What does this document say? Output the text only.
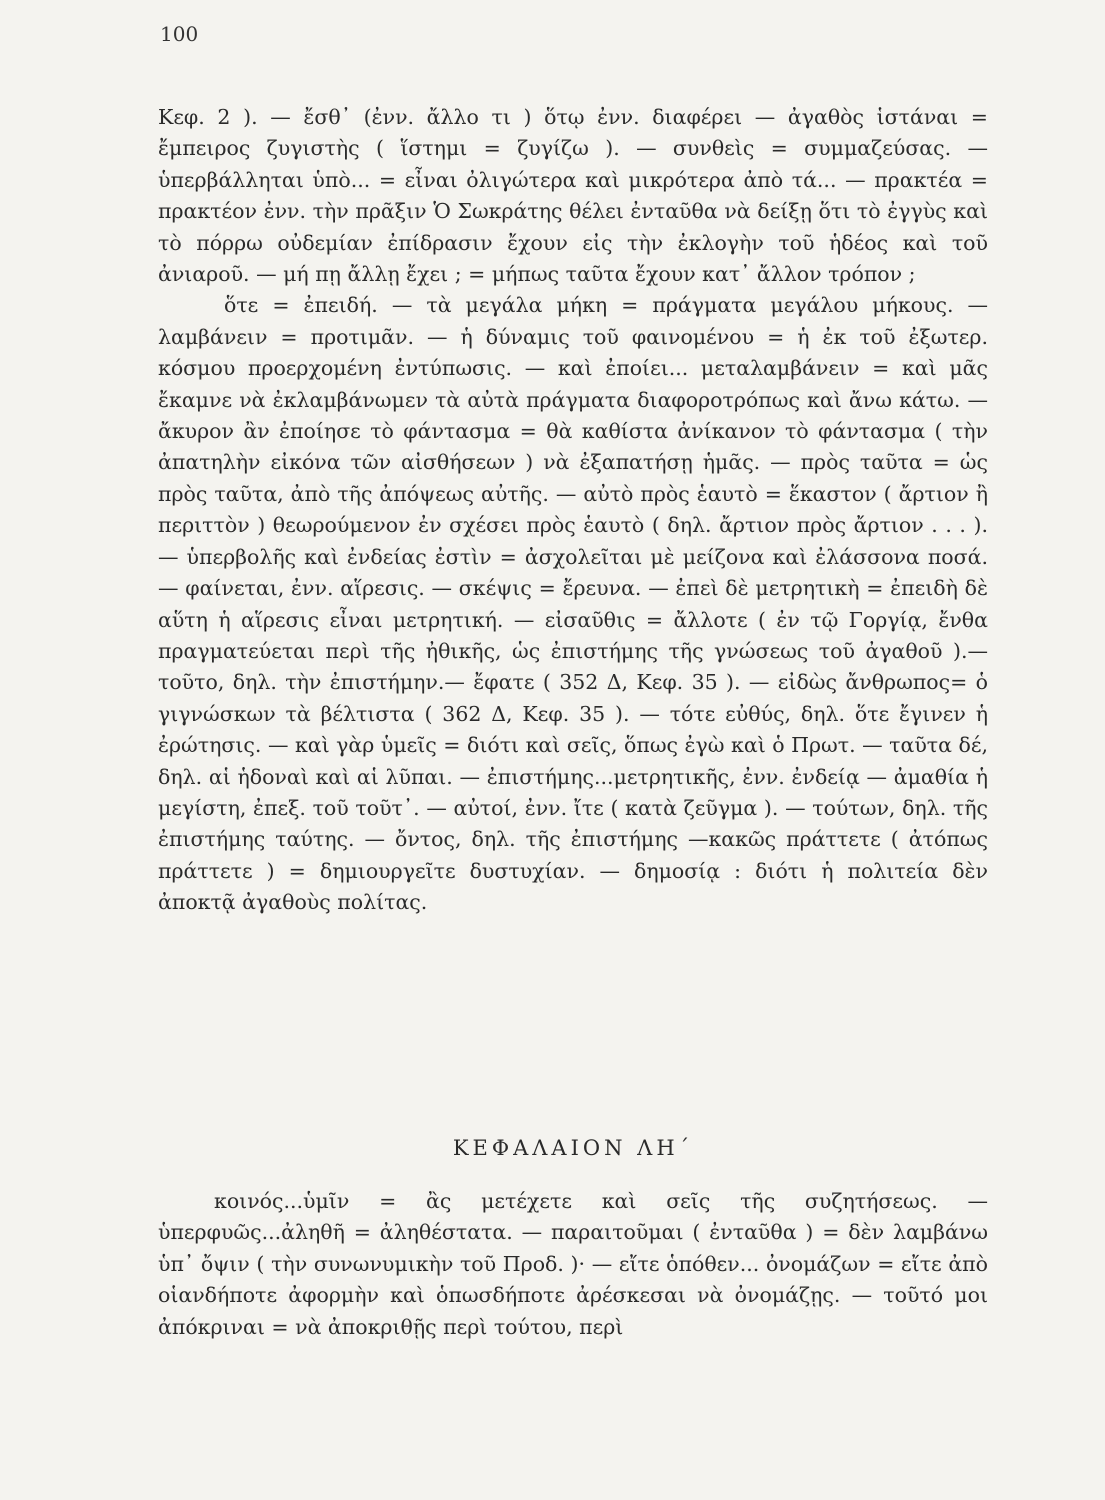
100

Κεφ. 2 ). — ἔσθ᾽ (ἐνν. ἄλλο τι ) ὅτῳ ἐνν. διαφέρει — ἀγαθὸς ἱστάναι = ἔμπειρος ζυγιστὴς ( ἵστημι = ζυγίζω ). — συνθεὶς = συμμαζεύσας. — ὑπερβάλληται ὑπὸ... = εἶναι ὀλιγώτερα καὶ μικρότερα ἀπὸ τά... — πρακτέα = πρακτέον ἐνν. τὴν πρᾶξιν Ὁ Σωκράτης θέλει ἐνταῦθα νὰ δείξῃ ὅτι τὸ ἐγγὺς καὶ τὸ πόρρω οὐδεμίαν ἐπίδρασιν ἔχουν εἰς τὴν ἐκλογὴν τοῦ ἡδέος καὶ τοῦ ἀνιαροῦ. — μή πῃ ἄλλῃ ἔχει ; = μήπως ταῦτα ἔχουν κατ᾽ ἄλλον τρόπον ;

ὅτε = ἐπειδή. — τὰ μεγάλα μήκη = πράγματα μεγάλου μήκους. — λαμβάνειν = προτιμᾶν. — ἡ δύναμις τοῦ φαινομένου = ἡ ἐκ τοῦ ἐξωτερ. κόσμου προερχομένη ἐντύπωσις. — καὶ ἐποίει... μεταλαμβάνειν = καὶ μᾶς ἔκαμνε νὰ ἐκλαμβάνωμεν τὰ αὐτὰ πράγματα διαφοροτρόπως καὶ ἄνω κάτω. — ἄκυρον ἂν ἐποίησε τὸ φάντασμα = θὰ καθίστα ἀνίκανον τὸ φάντασμα ( τὴν ἀπατηλὴν εἰκόνα τῶν αἰσθήσεων ) νὰ ἐξαπατήσῃ ἡμᾶς. — πρὸς ταῦτα = ὡς πρὸς ταῦτα, ἀπὸ τῆς ἀπόψεως αὐτῆς. — αὐτὸ πρὸς ἑαυτὸ = ἕκαστον ( ἄρτιον ἢ περιττὸν ) θεωρούμενον ἐν σχέσει πρὸς ἑαυτὸ ( δηλ. ἄρτιον πρὸς ἄρτιον . . . ).— ὑπερβολῆς καὶ ἐνδείας ἐστὶν = ἀσχολεῖται μὲ μείζονα καὶ ἐλάσσονα ποσά. — φαίνεται, ἐνν. αἵρεσις. — σκέψις = ἔρευνα. — ἐπεὶ δὲ μετρητικὴ = ἐπειδὴ δὲ αὕτη ἡ αἵρεσις εἶναι μετρητική. — εἰσαῦθις = ἄλλοτε ( ἐν τῷ Γοργίᾳ, ἔνθα πραγματεύεται περὶ τῆς ἠθικῆς, ὡς ἐπιστήμης τῆς γνώσεως τοῦ ἀγαθοῦ ).— τοῦτο, δηλ. τὴν ἐπιστήμην.— ἔφατε ( 352 Δ, Κεφ. 35 ). — εἰδὼς ἄνθρωπος= ὁ γιγνώσκων τὰ βέλτιστα ( 362 Δ, Κεφ. 35 ). — τότε εὐθύς, δηλ. ὅτε ἔγινεν ἡ ἐρώτησις. — καὶ γὰρ ὑμεῖς = διότι καὶ σεῖς, ὅπως ἐγὼ καὶ ὁ Πρωτ. — ταῦτα δέ, δηλ. αἱ ἡδοναὶ καὶ αἱ λῦπαι. — ἐπιστήμης...μετρητικῆς, ἐνν. ἐνδείᾳ — ἀμαθία ἡ μεγίστη, ἐπεξ. τοῦ τοῦτ᾽. — αὐτοί, ἐνν. ἴτε ( κατὰ ζεῦγμα ). — τούτων, δηλ. τῆς ἐπιστήμης ταύτης. — ὄντος, δηλ. τῆς ἐπιστήμης —κακῶς πράττετε ( ἀτόπως πράττετε ) = δημιουργεῖτε δυστυχίαν. — δημοσίᾳ : διότι ἡ πολιτεία δὲν ἀποκτᾷ ἀγαθοὺς πολίτας.

ΚΕΦΑΛΑΙΟΝ ΛΗ΄

κοινός...ὑμῖν = ἂς μετέχετε καὶ σεῖς τῆς συζητήσεως. — ὑπερφυῶς...ἀληθῆ = ἀληθέστατα. — παραιτοῦμαι ( ἐνταῦθα ) = δὲν λαμβάνω ὑπ᾽ ὄψιν ( τὴν συνωνυμικὴν τοῦ Προδ. )· — εἴτε ὁπόθεν... ὀνομάζων = εἴτε ἀπὸ οἱανδήποτε ἀφορμὴν καὶ ὁπωσδήποτε ἀρέσκεσαι νὰ ὀνομάζῃς. — τοῦτό μοι ἀπόκριναι = νὰ ἀποκριθῇς περὶ τούτου, περὶ
